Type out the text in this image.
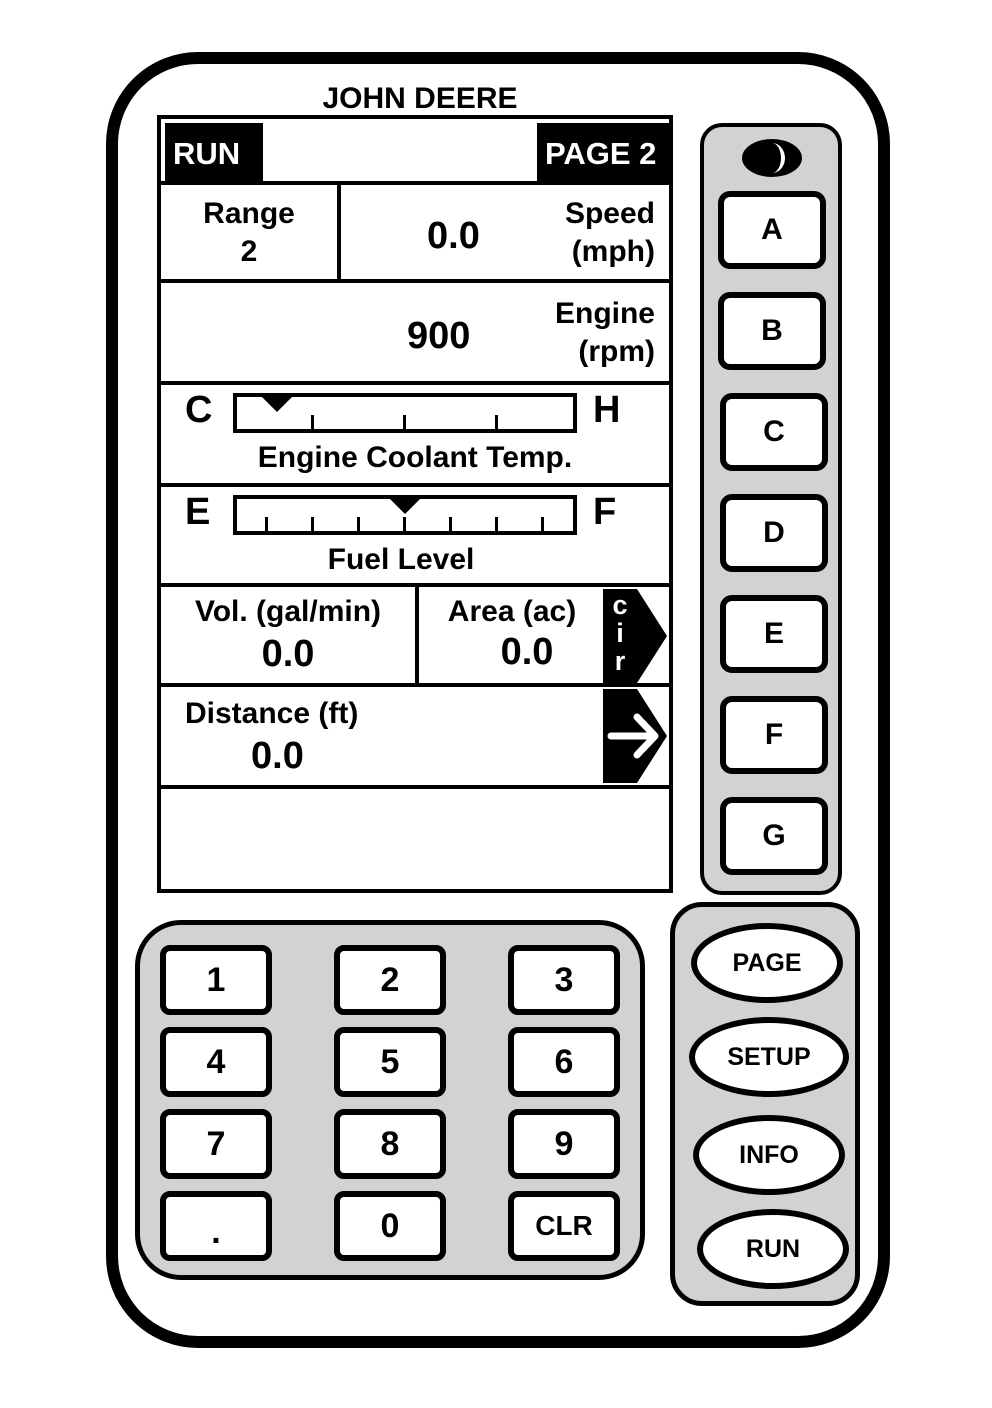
JOHN DEERE
RUN	PAGE 2
Range
2	0.0
Speed
(mph)
900
Engine
(rpm)
C	H
Engine Coolant Temp.
E	F
Fuel Level
Vol. (gal/min)
0.0
Area (ac)
0.0
c
i
r
Distance (ft)
0.0
A
B
C
D
E
F
G
1	2	3
4	5	6
7	8	9
.	0	CLR
PAGE
SETUP
INFO
RUN
